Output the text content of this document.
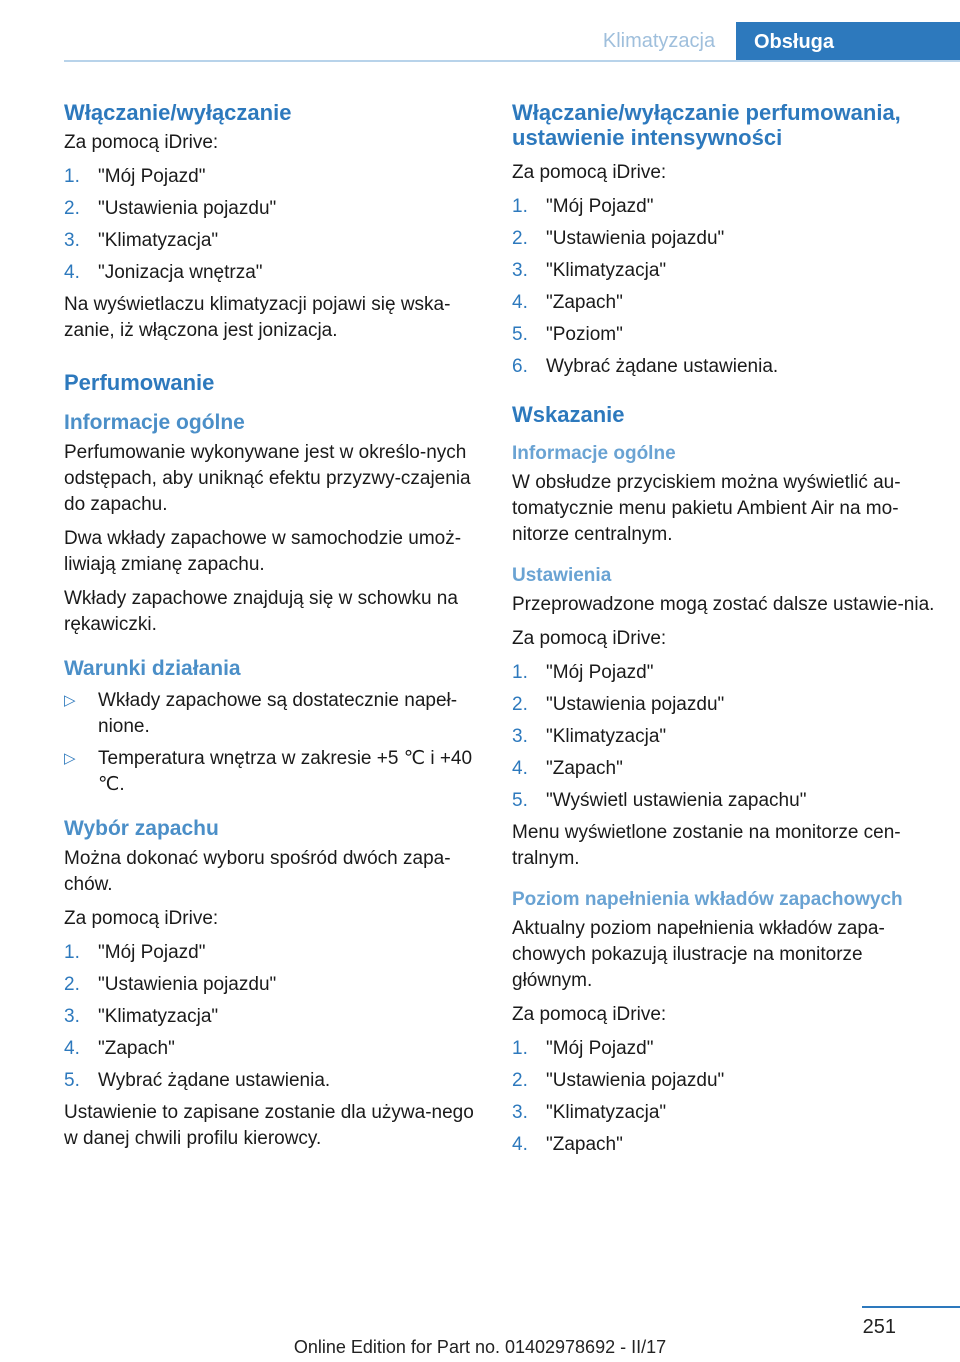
Klimatyzacja	Obsługa
Włączanie/wyłączanie
Za pomocą iDrive:
1. "Mój Pojazd"
2. "Ustawienia pojazdu"
3. "Klimatyzacja"
4. "Jonizacja wnętrza"
Na wyświetlaczu klimatyzacji pojawi się wska-zanie, iż włączona jest jonizacja.
Perfumowanie
Informacje ogólne
Perfumowanie wykonywane jest w określo-nych odstępach, aby uniknąć efektu przyzwy-czajenia do zapachu.
Dwa wkłady zapachowe w samochodzie umoż-liwiają zmianę zapachu.
Wkłady zapachowe znajdują się w schowku na rękawiczki.
Warunki działania
▷	Wkłady zapachowe są dostatecznie napeł-nione.
▷	Temperatura wnętrza w zakresie +5 ℃ i +40 ℃.
Wybór zapachu
Można dokonać wyboru spośród dwóch zapa-chów.
Za pomocą iDrive:
1. "Mój Pojazd"
2. "Ustawienia pojazdu"
3. "Klimatyzacja"
4. "Zapach"
5. Wybrać żądane ustawienia.
Ustawienie to zapisane zostanie dla używa-nego w danej chwili profilu kierowcy.
Włączanie/wyłączanie perfumowania, ustawienie intensywności
Za pomocą iDrive:
1. "Mój Pojazd"
2. "Ustawienia pojazdu"
3. "Klimatyzacja"
4. "Zapach"
5. "Poziom"
6. Wybrać żądane ustawienia.
Wskazanie
Informacje ogólne
W obsłudze przyciskiem można wyświetlić au-tomatycznie menu pakietu Ambient Air na mo-nitorze centralnym.
Ustawienia
Przeprowadzone mogą zostać dalsze ustawie-nia.
Za pomocą iDrive:
1. "Mój Pojazd"
2. "Ustawienia pojazdu"
3. "Klimatyzacja"
4. "Zapach"
5. "Wyświetl ustawienia zapachu"
Menu wyświetlone zostanie na monitorze cen-tralnym.
Poziom napełnienia wkładów zapachowych
Aktualny poziom napełnienia wkładów zapa-chowych pokazują ilustracje na monitorze głównym.
Za pomocą iDrive:
1. "Mój Pojazd"
2. "Ustawienia pojazdu"
3. "Klimatyzacja"
4. "Zapach"
251
Online Edition for Part no. 01402978692 - II/17
